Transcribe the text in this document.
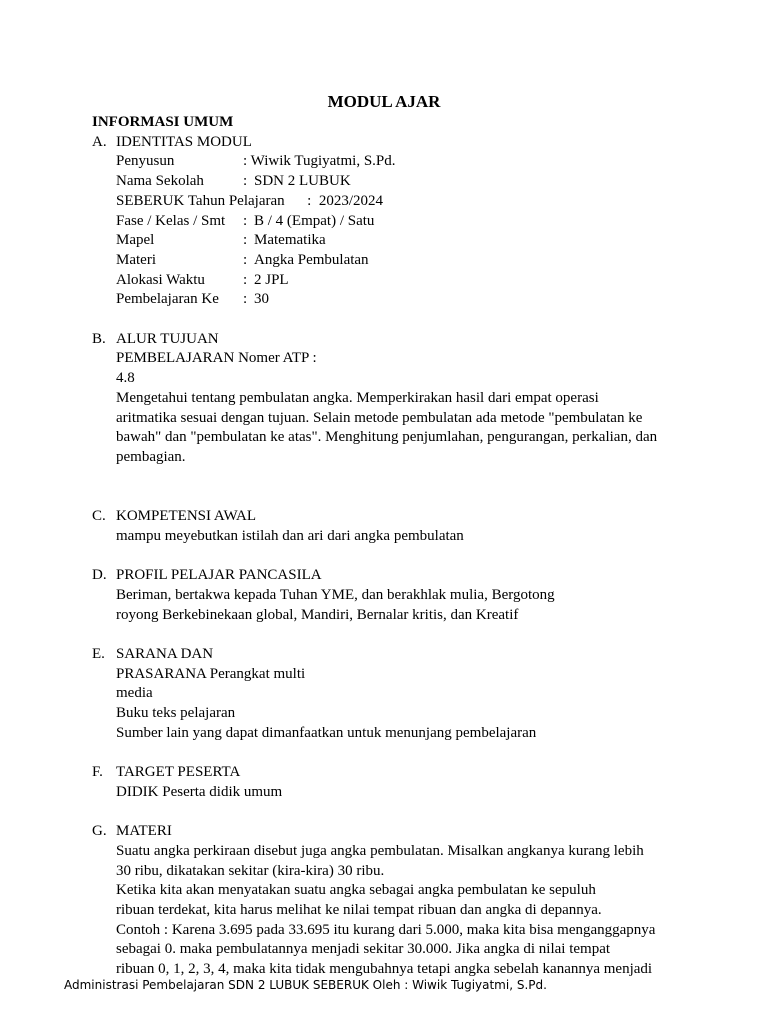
MODUL AJAR
INFORMASI UMUM
A. IDENTITAS MODUL
Penyusun	: Wiwik Tugiyatmi, S.Pd.
Nama Sekolah	: SDN 2 LUBUK
SEBERUK Tahun Pelajaran      :  2023/2024
Fase / Kelas / Smt	: B / 4 (Empat) / Satu
Mapel	: Matematika
Materi	: Angka Pembulatan
Alokasi Waktu	: 2 JPL
Pembelajaran Ke	: 30
B. ALUR TUJUAN
PEMBELAJARAN Nomer ATP :
4.8
Mengetahui tentang pembulatan angka. Memperkirakan hasil dari empat operasi
aritmatika sesuai dengan tujuan. Selain metode pembulatan ada metode "pembulatan ke
bawah" dan "pembulatan ke atas". Menghitung penjumlahan, pengurangan, perkalian, dan
pembagian.
C. KOMPETENSI AWAL
mampu meyebutkan istilah dan ari dari angka pembulatan
D. PROFIL PELAJAR PANCASILA
Beriman, bertakwa kepada Tuhan YME, dan berakhlak mulia, Bergotong
royong Berkebinekaan global, Mandiri, Bernalar kritis, dan Kreatif
E. SARANA DAN
PRASARANA Perangkat multi
media
Buku teks pelajaran
Sumber lain yang dapat dimanfaatkan untuk menunjang pembelajaran
F. TARGET PESERTA
DIDIK Peserta didik umum
G. MATERI
Suatu angka perkiraan disebut juga angka pembulatan. Misalkan angkanya kurang lebih
30 ribu, dikatakan sekitar (kira-kira) 30 ribu.
Ketika kita akan menyatakan suatu angka sebagai angka pembulatan ke sepuluh
ribuan terdekat, kita harus melihat ke nilai tempat ribuan dan angka di depannya.
Contoh : Karena 3.695 pada 33.695 itu kurang dari 5.000, maka kita bisa menganggapnya
sebagai 0. maka pembulatannya menjadi sekitar 30.000. Jika angka di nilai tempat
ribuan 0, 1, 2, 3, 4, maka kita tidak mengubahnya tetapi angka sebelah kanannya menjadi
Administrasi Pembelajaran SDN 2 LUBUK SEBERUK Oleh : Wiwik Tugiyatmi, S.Pd.
